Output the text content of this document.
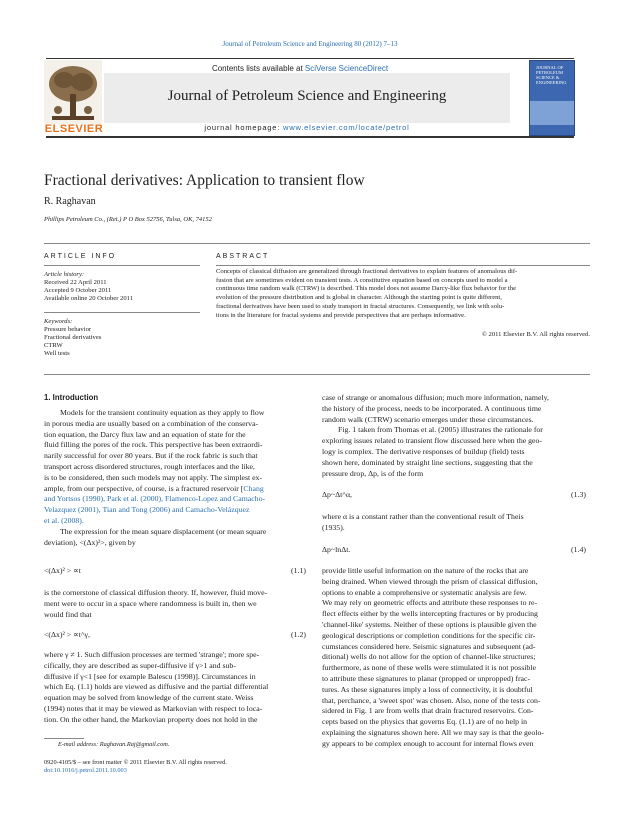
Journal of Petroleum Science and Engineering 80 (2012) 7–13
Contents lists available at SciVerse ScienceDirect
Journal of Petroleum Science and Engineering
journal homepage: www.elsevier.com/locate/petrol
ELSEVIER
JOURNAL OF PETROLEUM SCIENCE & ENGINEERING
Fractional derivatives: Application to transient flow
R. Raghavan
Phillips Petroleum Co., (Ret.) P O Box 52756, Tulsa, OK, 74152
ARTICLE INFO
Article history:
Received 22 April 2011
Accepted 9 October 2011
Available online 20 October 2011
Keywords:
Pressure behavior
Fractional derivatives
CTRW
Well tests
ABSTRACT
Concepts of classical diffusion are generalized through fractional derivatives to explain features of anomalous dif-
fusion that are sometimes evident on transient tests. A constitutive equation based on concepts used to model a
continuous time random walk (CTRW) is described. This model does not assume Darcy-like flux behavior for the
evolution of the pressure distribution and is global in character. Although the starting point is quite different,
fractional derivatives have been used to study transport in fractal structures. Consequently, we link with solu-
tions in the literature for fractal systems and provide perspectives that are perhaps informative.
© 2011 Elsevier B.V. All rights reserved.
1. Introduction
Models for the transient continuity equation as they apply to flow
in porous media are usually based on a combination of the conserva-
tion equation, the Darcy flux law and an equation of state for the
fluid filling the pores of the rock. This perspective has been extraordi-
narily successful for over 80 years. But if the rock fabric is such that
transport across disordered structures, rough interfaces and the like,
is to be considered, then such models may not apply. The simplest ex-
ample, from our perspective, of course, is a fractured reservoir [Chang
and Yortsos (1990), Park et al. (2000), Flamenco-Lopez and Camacho-
Velazquez (2001), Tian and Tong (2006) and Camacho-Velázquez
et al. (2008).
The expression for the mean square displacement (or mean square
deviation), <(Δx)²>, given by
<(Δx)² > ∝t	(1.1)
is the cornerstone of classical diffusion theory. If, however, fluid move-
ment were to occur in a space where randomness is built in, then we
would find that
<(Δx)² > ∝t^γ,	(1.2)
where γ ≠ 1. Such diffusion processes are termed 'strange'; more spe-
cifically, they are described as super-diffusive if γ>1 and sub-
diffusive if γ<1 [see for example Balescu (1998)]. Circumstances in
which Eq. (1.1) holds are viewed as diffusive and the partial differential
equation may be solved from knowledge of the current state. Weiss
(1994) notes that it may be viewed as Markovian with respect to loca-
tion. On the other hand, the Markovian property does not hold in the
E-mail address: Raghavan.Raj@gmail.com.
0920-4105/$ – see front matter © 2011 Elsevier B.V. All rights reserved.
doi:10.1016/j.petrol.2011.10.003
case of strange or anomalous diffusion; much more information, namely,
the history of the process, needs to be incorporated. A continuous time
random walk (CTRW) scenario emerges under these circumstances.
Fig. 1 taken from Thomas et al. (2005) illustrates the rationale for
exploring issues related to transient flow discussed here when the geo-
logy is complex. The derivative responses of buildup (field) tests
shown here, dominated by straight line sections, suggesting that the
pressure drop, Δp, is of the form
Δp~Δt^α,	(1.3)
where α is a constant rather than the conventional result of Theis
(1935).
Δp~lnΔt.	(1.4)
provide little useful information on the nature of the rocks that are
being drained. When viewed through the prism of classical diffusion,
options to enable a comprehensive or systematic analysis are few.
We may rely on geometric effects and attribute these responses to re-
flect effects either by the wells intercepting fractures or by producing
'channel-like' systems. Neither of these options is plausible given the
geological descriptions or completion conditions for the specific cir-
cumstances considered here. Seismic signatures and subsequent (ad-
ditional) wells do not allow for the option of channel-like structures;
furthermore, as none of these wells were stimulated it is not possible
to attribute these signatures to planar (propped or unpropped) frac-
tures. As these signatures imply a loss of connectivity, it is doubtful
that, perchance, a 'sweet spot' was chosen. Also, none of the tests con-
sidered in Fig. 1 are from wells that drain fractured reservoirs. Con-
cepts based on the physics that governs Eq. (1.1) are of no help in
explaining the signatures shown here. All we may say is that the geolo-
gy appears to be complex enough to account for internal flows even
